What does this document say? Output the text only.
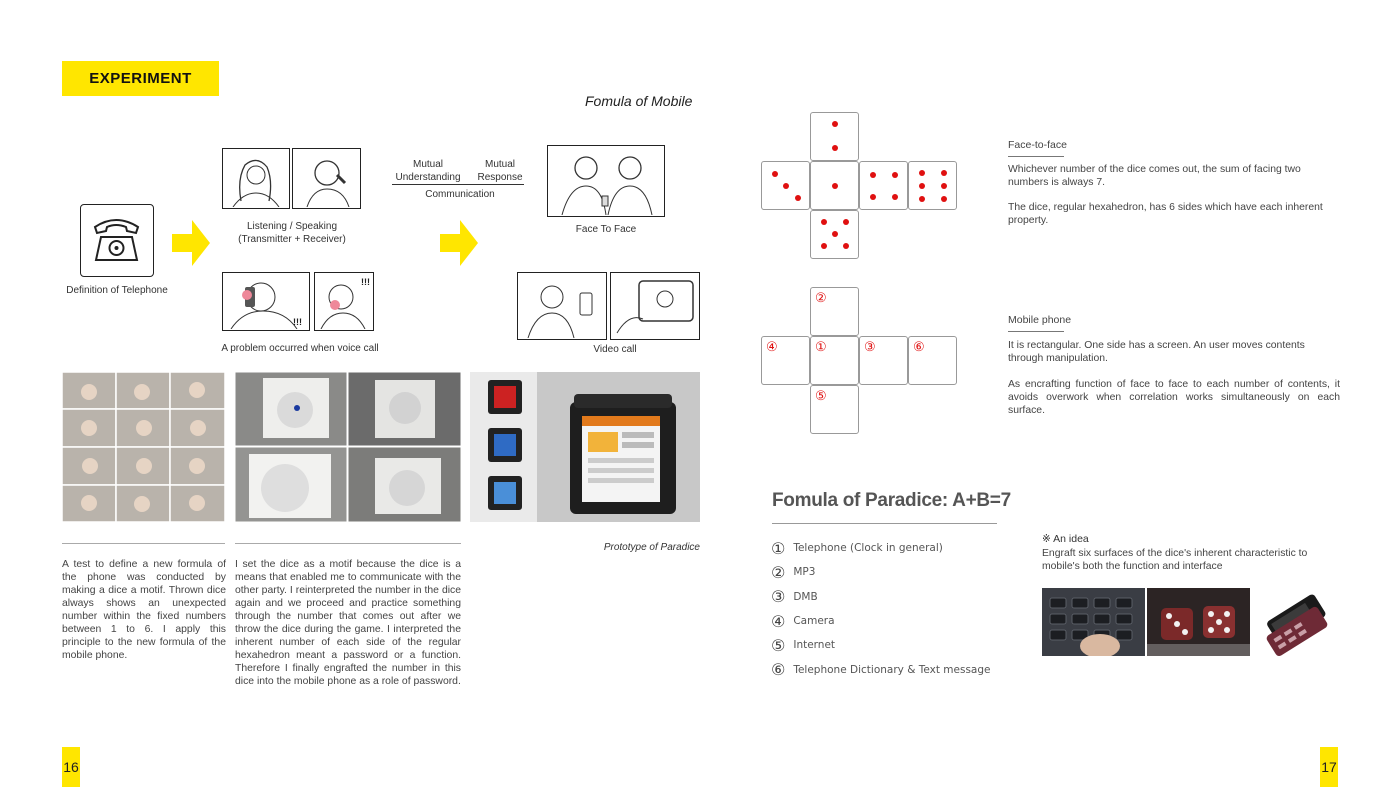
EXPERIMENT
Fomula of Mobile
Definition of Telephone
Listening / Speaking
(Transmitter + Receiver)
!!!
!!!
A problem occurred when voice call
Mutual
Understanding
Mutual
Response
Communication
Face To Face
Video call
Prototype of Paradice
A test to define a new formula of the phone was conducted by making a dice a motif. Thrown dice always shows an unexpected number within the fixed numbers between 1 to 6. I apply this principle to the new formula of the mobile phone.
I set the dice as a motif because the dice is a means that enabled me to communicate with the other party. I reinterpreted the number in the dice again and we proceed and practice something through the number that comes out after we throw the dice during the game. I interpreted the inherent number of each side of the regular hexahedron meant a password or a function. Therefore I finally engrafted the number in this dice into the mobile phone as a role of password.
16
②
④	①	③	⑥
⑤
Face-to-face
Whichever number of the dice comes out, the sum of facing two numbers is always 7.
The dice, regular hexahedron, has 6 sides which have each inherent property.
Mobile phone
It is rectangular. One side has a screen. An user moves contents through manipulation.
As encrafting function of face to face to each number of contents, it avoids overwork when correlation works simultaneously on each surface.
Fomula of Paradice: A+B=7
① Telephone (Clock in general)
② MP3
③ DMB
④ Camera
⑤ Internet
⑥ Telephone Dictionary & Text message
※ An idea
Engraft six surfaces of the dice's inherent characteristic to mobile's both the function and interface
17
